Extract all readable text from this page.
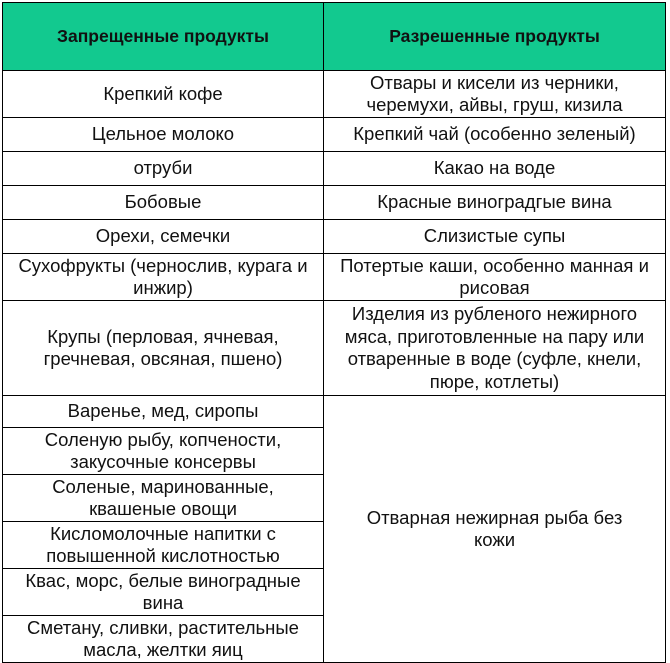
Запрещенные продукты	Разрешенные продукты
Крепкий кофе	Отвары и кисели из черники, черемухи, айвы, груш, кизила
Цельное молоко	Крепкий чай (особенно зеленый)
отруби	Какао на воде
Бобовые	Красные виноградгые вина
Орехи, семечки	Слизистые супы
Сухофрукты (чернослив, курага и инжир)	Потертые каши, особенно манная и рисовая
Крупы (перловая, ячневая, гречневая, овсяная, пшено)	Изделия из рубленого нежирного мяса, приготовленные на пару или отваренные в воде (суфле, кнели, пюре, котлеты)
Варенье, мед, сиропы	Отварная нежирная рыба без кожи
Соленую рыбу, копчености, закусочные консервы	
Соленые, маринованные, квашеные овощи	
Кисломолочные напитки с повышенной кислотностью	
Квас, морс, белые виноградные вина	
Сметану, сливки, растительные масла, желтки яиц	
